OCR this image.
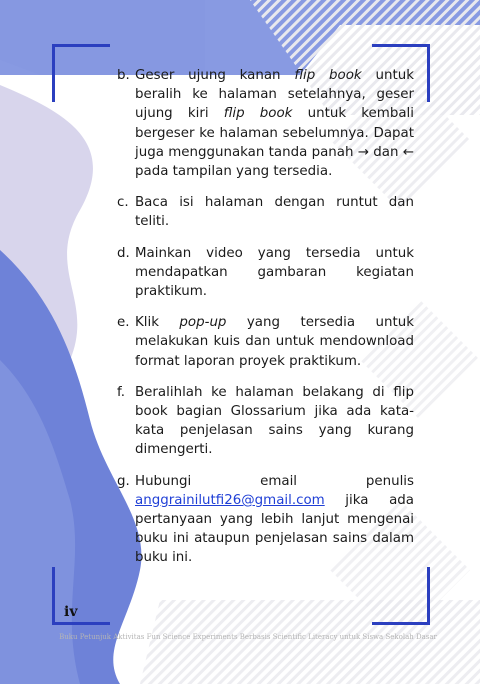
b. Geser ujung kanan flip book untuk beralih ke halaman setelahnya, geser ujung kiri flip book untuk kembali bergeser ke halaman sebelumnya. Dapat juga menggunakan tanda panah → dan ← pada tampilan yang tersedia.
c. Baca isi halaman dengan runtut dan teliti.
d. Mainkan video yang tersedia untuk mendapatkan gambaran kegiatan praktikum.
e. Klik pop-up yang tersedia untuk melakukan kuis dan untuk mendownload format laporan proyek praktikum.
f. Beralihlah ke halaman belakang di flip book bagian Glossarium jika ada kata-kata penjelasan sains yang kurang dimengerti.
g. Hubungi email penulis anggrainilutfi26@gmail.com jika ada pertanyaan yang lebih lanjut mengenai buku ini ataupun penjelasan sains dalam buku ini.
iv
Buku Petunjuk Aktivitas Fun Science Experiments Berbasis Scientific Literacy untuk Siswa Sekolah Dasar
